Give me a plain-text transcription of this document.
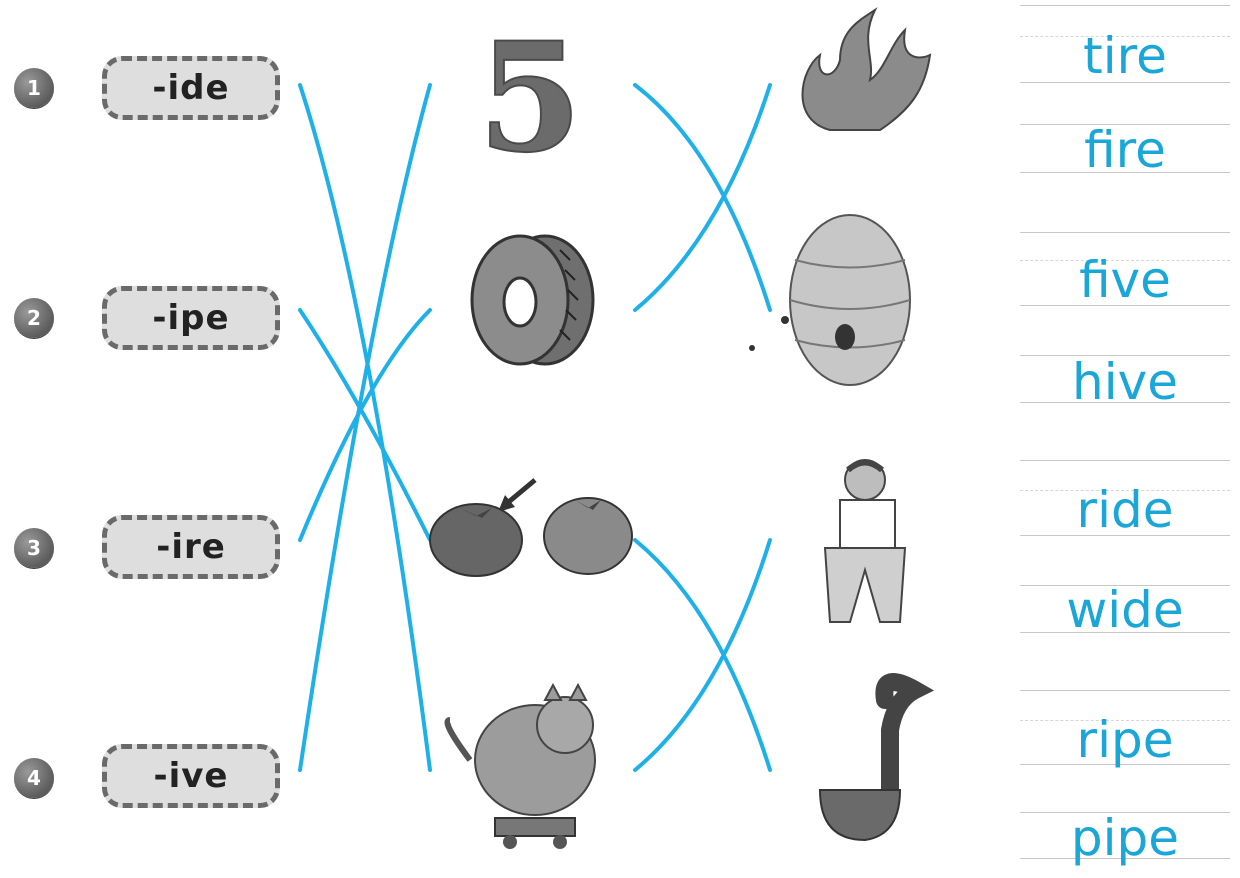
1
2
3
4
-ide
-ipe
-ire
-ive
5	tire
fire
five
hive
ride
wide
ripe
pipe
